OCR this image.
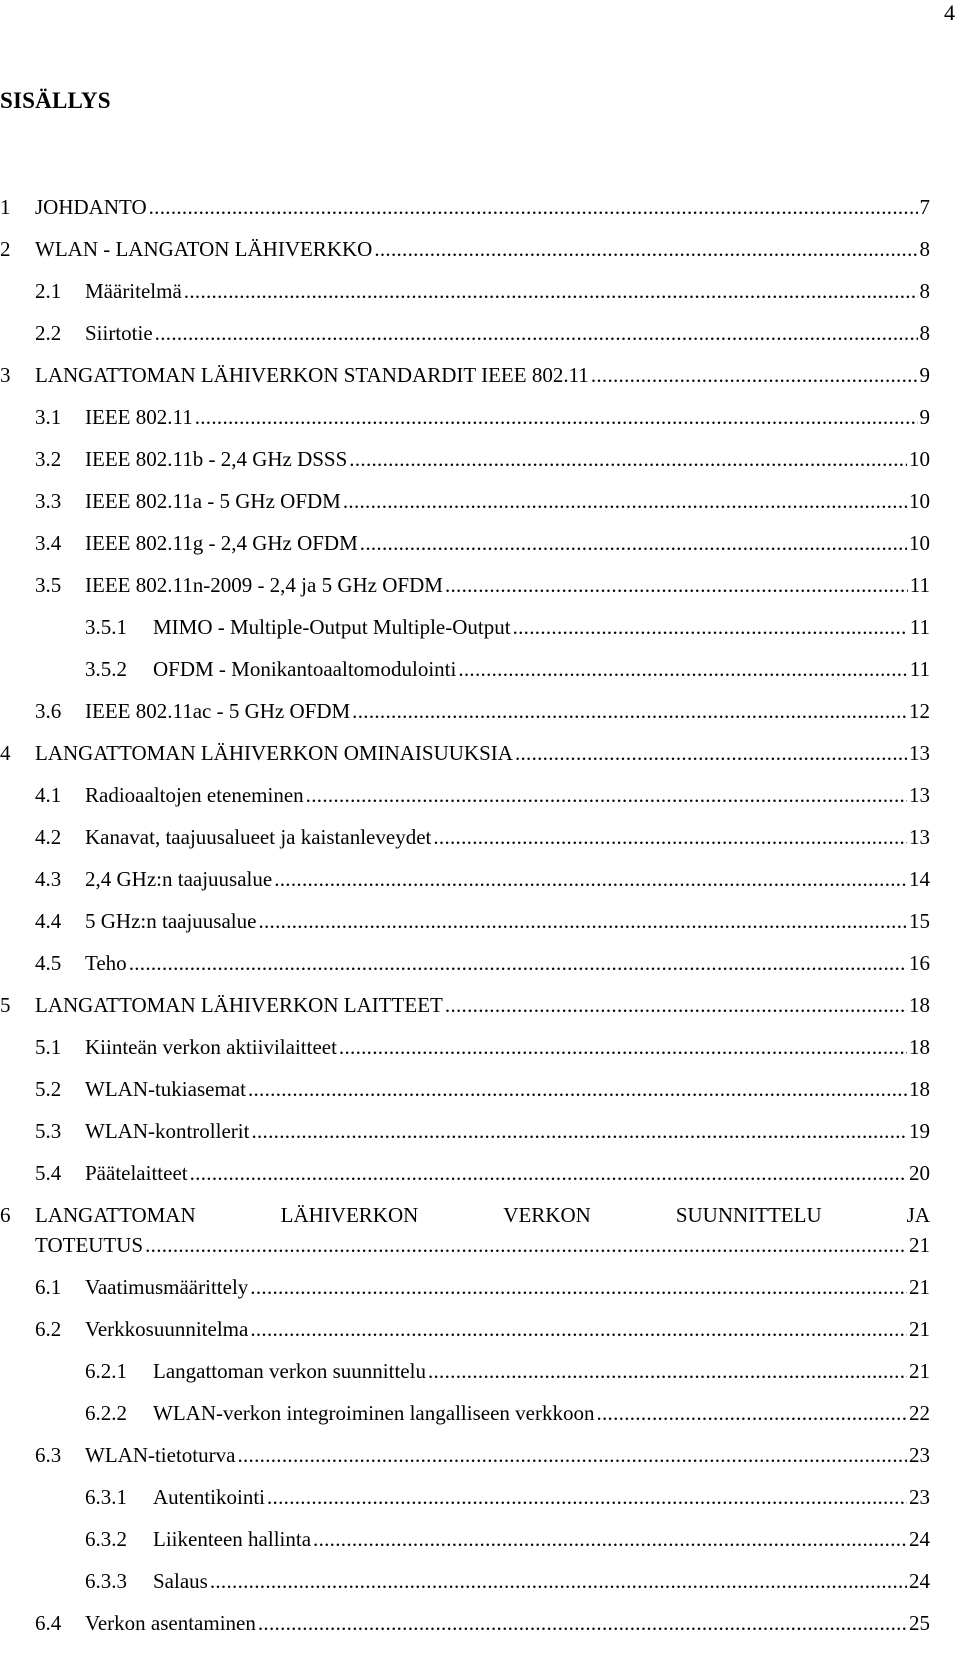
4
SISÄLLYS
1 JOHDANTO .....	7
2 WLAN - LANGATON LÄHIVERKKO .....	8
2.1 Määritelmä .....	8
2.2 Siirtotie .....	8
3 LANGATTOMAN LÄHIVERKON STANDARDIT IEEE 802.11 .....	9
3.1 IEEE 802.11 .....	9
3.2 IEEE 802.11b - 2,4 GHz DSSS .....	10
3.3 IEEE 802.11a - 5 GHz OFDM .....	10
3.4 IEEE 802.11g - 2,4 GHz OFDM .....	10
3.5 IEEE 802.11n-2009 - 2,4 ja 5 GHz OFDM .....	11
3.5.1 MIMO - Multiple-Output Multiple-Output .....	11
3.5.2 OFDM - Monikantoaaltomodulointi .....	11
3.6 IEEE 802.11ac - 5 GHz OFDM .....	12
4 LANGATTOMAN LÄHIVERKON OMINAISUUKSIA .....	13
4.1 Radioaaltojen eteneminen .....	13
4.2 Kanavat, taajuusalueet ja kaistanleveydet .....	13
4.3 2,4 GHz:n taajuusalue .....	14
4.4 5 GHz:n taajuusalue .....	15
4.5 Teho .....	16
5 LANGATTOMAN LÄHIVERKON LAITTEET .....	18
5.1 Kiinteän verkon aktiivilaitteet .....	18
5.2 WLAN-tukiasemat .....	18
5.3 WLAN-kontrollerit .....	19
5.4 Päätelaitteet .....	20
6 LANGATTOMAN	LÄHIVERKON	VERKON	SUUNNITTELU	JA
TOTEUTUS .....	21
6.1 Vaatimusmäärittely .....	21
6.2 Verkkosuunnitelma .....	21
6.2.1 Langattoman verkon suunnittelu .....	21
6.2.2 WLAN-verkon integroiminen langalliseen verkkoon .....	22
6.3 WLAN-tietoturva .....	23
6.3.1 Autentikointi .....	23
6.3.2 Liikenteen hallinta .....	24
6.3.3 Salaus .....	24
6.4 Verkon asentaminen .....	25
